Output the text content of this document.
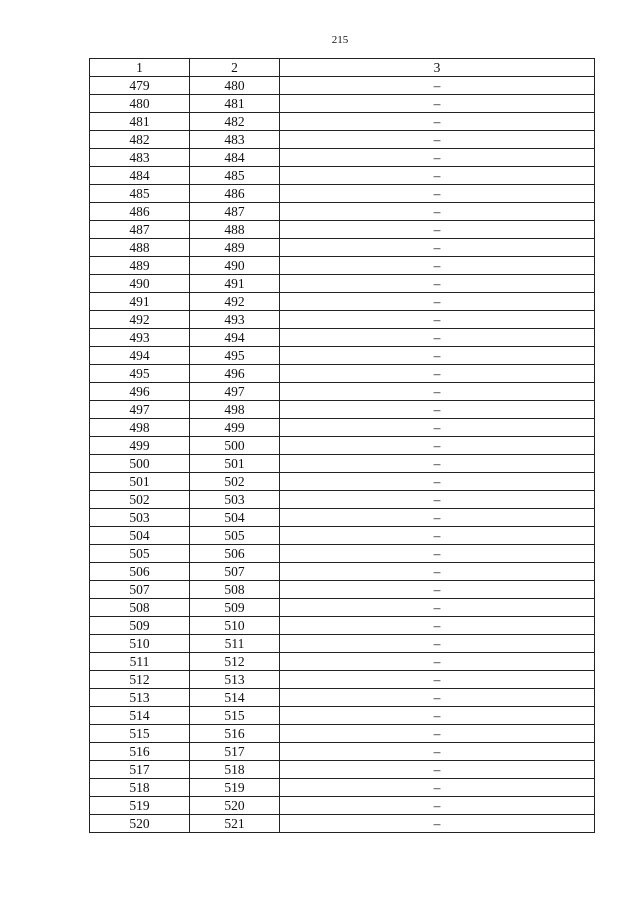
215
1	2	3
479	480	–
480	481	–
481	482	–
482	483	–
483	484	–
484	485	–
485	486	–
486	487	–
487	488	–
488	489	–
489	490	–
490	491	–
491	492	–
492	493	–
493	494	–
494	495	–
495	496	–
496	497	–
497	498	–
498	499	–
499	500	–
500	501	–
501	502	–
502	503	–
503	504	–
504	505	–
505	506	–
506	507	–
507	508	–
508	509	–
509	510	–
510	511	–
511	512	–
512	513	–
513	514	–
514	515	–
515	516	–
516	517	–
517	518	–
518	519	–
519	520	–
520	521	–
